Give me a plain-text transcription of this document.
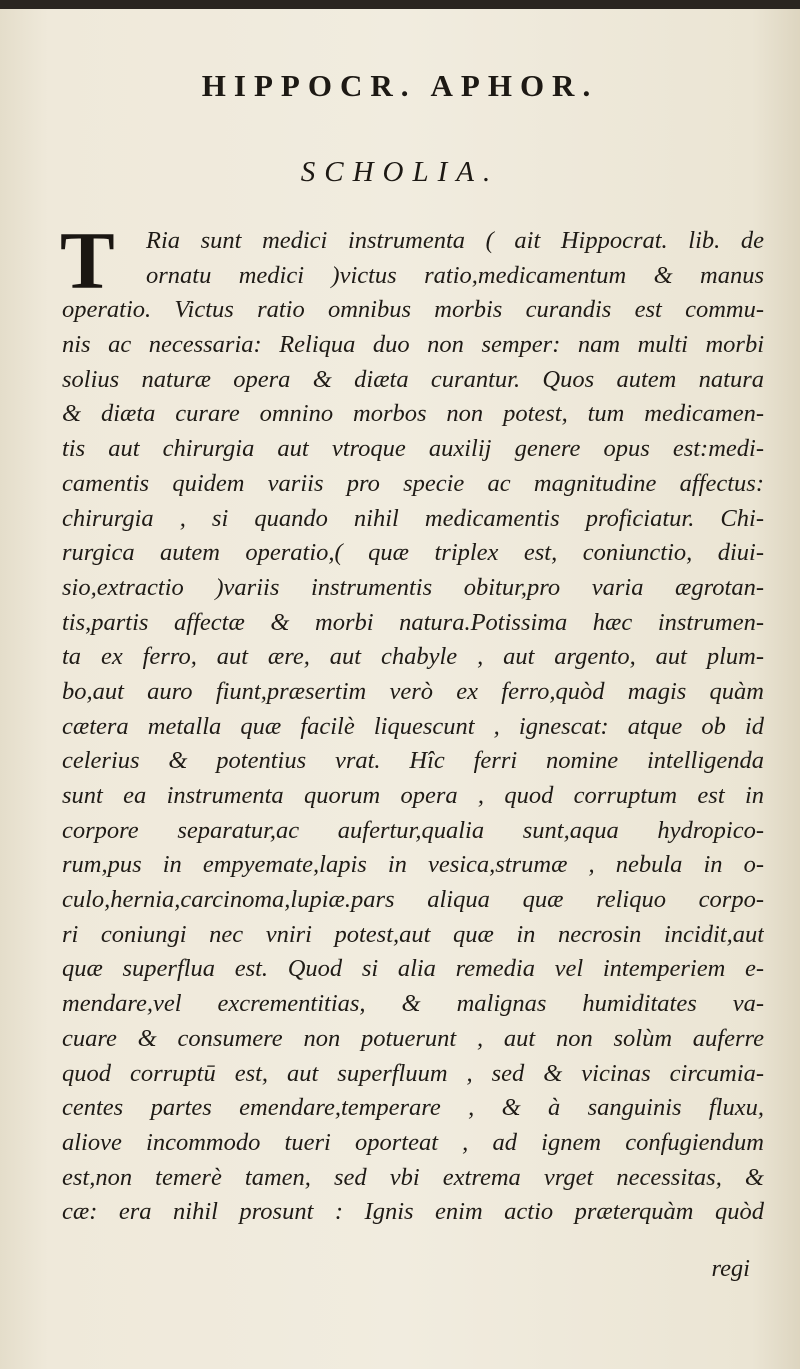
HIPPOCR. APHOR.
SCHOLIA.
T	Ria sunt medici instrumenta ( ait Hippocrat. lib. de
ornatu medici )victus ratio,medicamentum & manus
operatio. Victus ratio omnibus morbis curandis est commu-
nis ac necessaria: Reliqua duo non semper: nam multi morbi
solius naturæ opera & diæta curantur. Quos autem natura
& diæta curare omnino morbos non potest, tum medicamen-
tis aut chirurgia aut vtroque auxilij genere opus est:medi-
camentis quidem variis pro specie ac magnitudine affectus:
chirurgia , si quando nihil medicamentis proficiatur. Chi-
rurgica autem operatio,( quæ triplex est, coniunctio, diui-
sio,extractio )variis instrumentis obitur,pro varia ægrotan-
tis,partis affectæ & morbi natura.Potissima hæc instrumen-
ta ex ferro, aut ære, aut chabyle , aut argento, aut plum-
bo,aut auro fiunt,præsertim verò ex ferro,quòd magis quàm
cætera metalla quæ facilè liquescunt , ignescat: atque ob id
celerius & potentius vrat. Hîc ferri nomine intelligenda
sunt ea instrumenta quorum opera , quod corruptum est in
corpore separatur,ac aufertur,qualia sunt,aqua hydropico-
rum,pus in empyemate,lapis in vesica,strumæ , nebula in o-
culo,hernia,carcinoma,lupiæ.pars aliqua quæ reliquo corpo-
ri coniungi nec vniri potest,aut quæ in necrosin incidit,aut
quæ superflua est. Quod si alia remedia vel intemperiem e-
mendare,vel excrementitias, & malignas humiditates va-
cuare & consumere non potuerunt , aut non solùm auferre
quod corruptū est, aut superfluum , sed & vicinas circumia-
centes partes emendare,temperare , & à sanguinis fluxu,
aliove incommodo tueri oporteat , ad ignem confugiendum
est,non temerè tamen, sed vbi extrema vrget necessitas, &
cæ: era nihil prosunt : Ignis enim actio præterquàm quòd
regi
